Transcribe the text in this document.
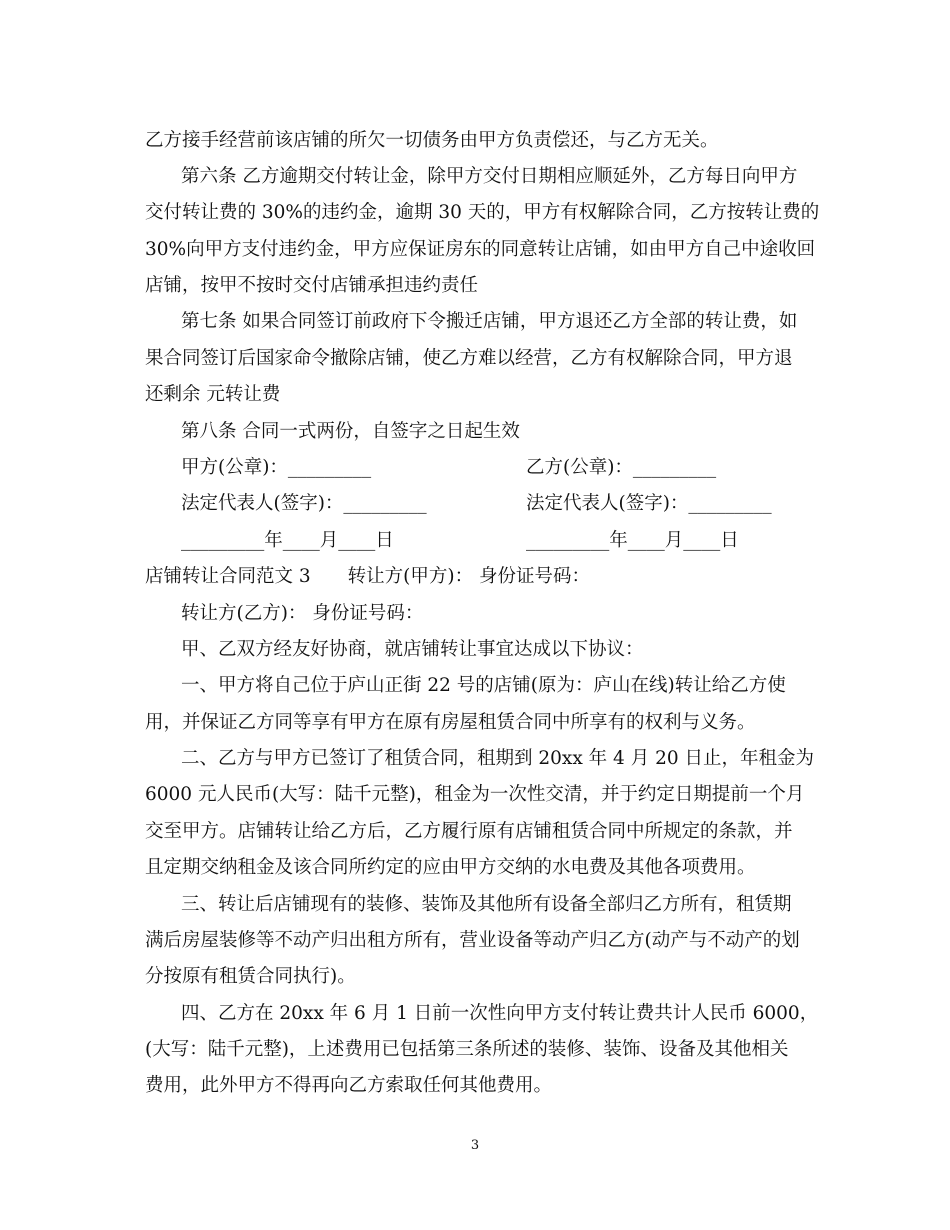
乙方接手经营前该店铺的所欠一切债务由甲方负责偿还，与乙方无关。
第六条 乙方逾期交付转让金，除甲方交付日期相应顺延外，乙方每日向甲方
交付转让费的 30%的违约金，逾期 30 天的，甲方有权解除合同，乙方按转让费的
30%向甲方支付违约金，甲方应保证房东的同意转让店铺，如由甲方自己中途收回
店铺，按甲不按时交付店铺承担违约责任
第七条 如果合同签订前政府下令搬迁店铺，甲方退还乙方全部的转让费，如
果合同签订后国家命令撤除店铺，使乙方难以经营，乙方有权解除合同，甲方退
还剩余 元转让费
第八条 合同一式两份，自签字之日起生效
甲方(公章)：_________	乙方(公章)：_________
法定代表人(签字)：_________	法定代表人(签字)：_________
_________年____月____日	_________年____月____日
店铺转让合同范文 3　　转让方(甲方)： 身份证号码：
转让方(乙方)： 身份证号码：
甲、乙双方经友好协商，就店铺转让事宜达成以下协议：
一、甲方将自己位于庐山正街 22 号的店铺(原为：庐山在线)转让给乙方使
用，并保证乙方同等享有甲方在原有房屋租赁合同中所享有的权利与义务。
二、乙方与甲方已签订了租赁合同，租期到 20xx 年 4 月 20 日止，年租金为
6000 元人民币(大写：陆千元整)，租金为一次性交清，并于约定日期提前一个月
交至甲方。店铺转让给乙方后，乙方履行原有店铺租赁合同中所规定的条款，并
且定期交纳租金及该合同所约定的应由甲方交纳的水电费及其他各项费用。
三、转让后店铺现有的装修、装饰及其他所有设备全部归乙方所有，租赁期
满后房屋装修等不动产归出租方所有，营业设备等动产归乙方(动产与不动产的划
分按原有租赁合同执行)。
四、乙方在 20xx 年 6 月 1 日前一次性向甲方支付转让费共计人民币 6000，
(大写：陆千元整)，上述费用已包括第三条所述的装修、装饰、设备及其他相关
费用，此外甲方不得再向乙方索取任何其他费用。
3
